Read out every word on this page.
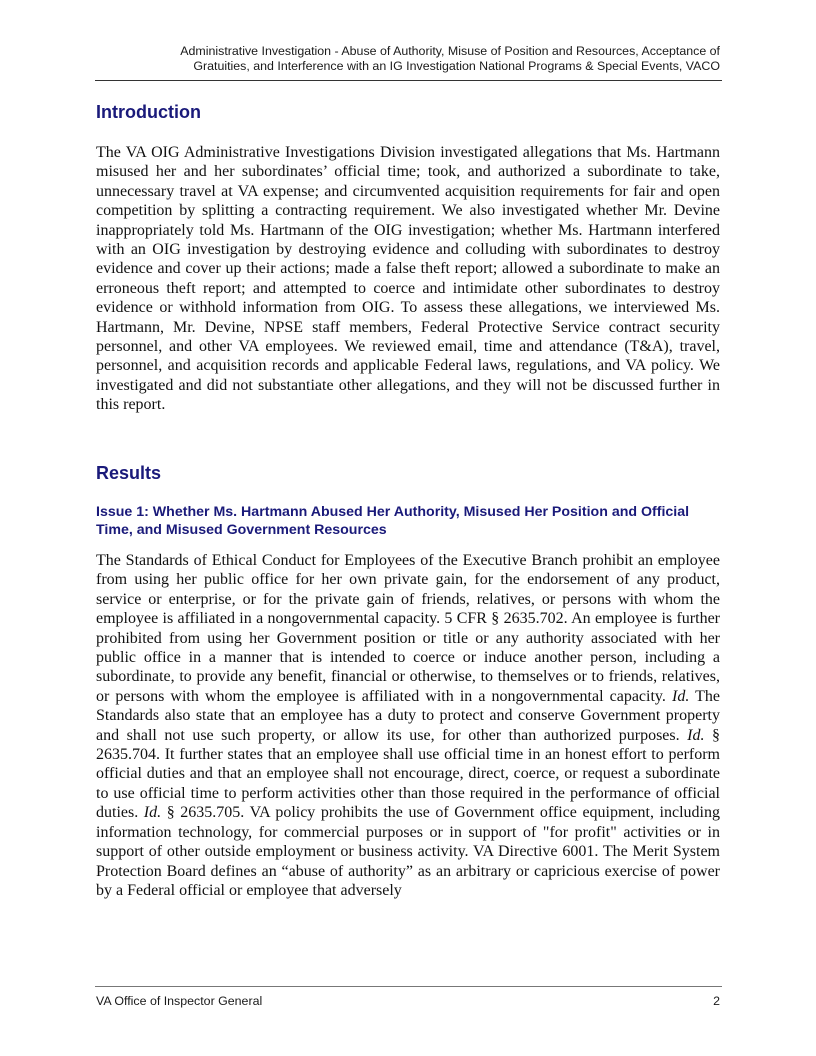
Administrative Investigation - Abuse of Authority, Misuse of Position and Resources, Acceptance of
Gratuities, and Interference with an IG Investigation National Programs & Special Events, VACO
Introduction

The VA OIG Administrative Investigations Division investigated allegations that Ms. Hartmann misused her and her subordinates’ official time; took, and authorized a subordinate to take, unnecessary travel at VA expense; and circumvented acquisition requirements for fair and open competition by splitting a contracting requirement. We also investigated whether Mr. Devine inappropriately told Ms. Hartmann of the OIG investigation; whether Ms. Hartmann interfered with an OIG investigation by destroying evidence and colluding with subordinates to destroy evidence and cover up their actions; made a false theft report; allowed a subordinate to make an erroneous theft report; and attempted to coerce and intimidate other subordinates to destroy evidence or withhold information from OIG. To assess these allegations, we interviewed Ms. Hartmann, Mr. Devine, NPSE staff members, Federal Protective Service contract security personnel, and other VA employees. We reviewed email, time and attendance (T&A), travel, personnel, and acquisition records and applicable Federal laws, regulations, and VA policy. We investigated and did not substantiate other allegations, and they will not be discussed further in this report.

Results
Issue 1: Whether Ms. Hartmann Abused Her Authority, Misused Her Position and Official Time, and Misused Government Resources

The Standards of Ethical Conduct for Employees of the Executive Branch prohibit an employee from using her public office for her own private gain, for the endorsement of any product, service or enterprise, or for the private gain of friends, relatives, or persons with whom the employee is affiliated in a nongovernmental capacity. 5 CFR § 2635.702. An employee is further prohibited from using her Government position or title or any authority associated with her public office in a manner that is intended to coerce or induce another person, including a subordinate, to provide any benefit, financial or otherwise, to themselves or to friends, relatives, or persons with whom the employee is affiliated with in a nongovernmental capacity. Id. The Standards also state that an employee has a duty to protect and conserve Government property and shall not use such property, or allow its use, for other than authorized purposes. Id. § 2635.704. It further states that an employee shall use official time in an honest effort to perform official duties and that an employee shall not encourage, direct, coerce, or request a subordinate to use official time to perform activities other than those required in the performance of official duties. Id. § 2635.705. VA policy prohibits the use of Government office equipment, including information technology, for commercial purposes or in support of "for profit" activities or in support of other outside employment or business activity. VA Directive 6001. The Merit System Protection Board defines an “abuse of authority” as an arbitrary or capricious exercise of power by a Federal official or employee that adversely

VA Office of Inspector General	2
